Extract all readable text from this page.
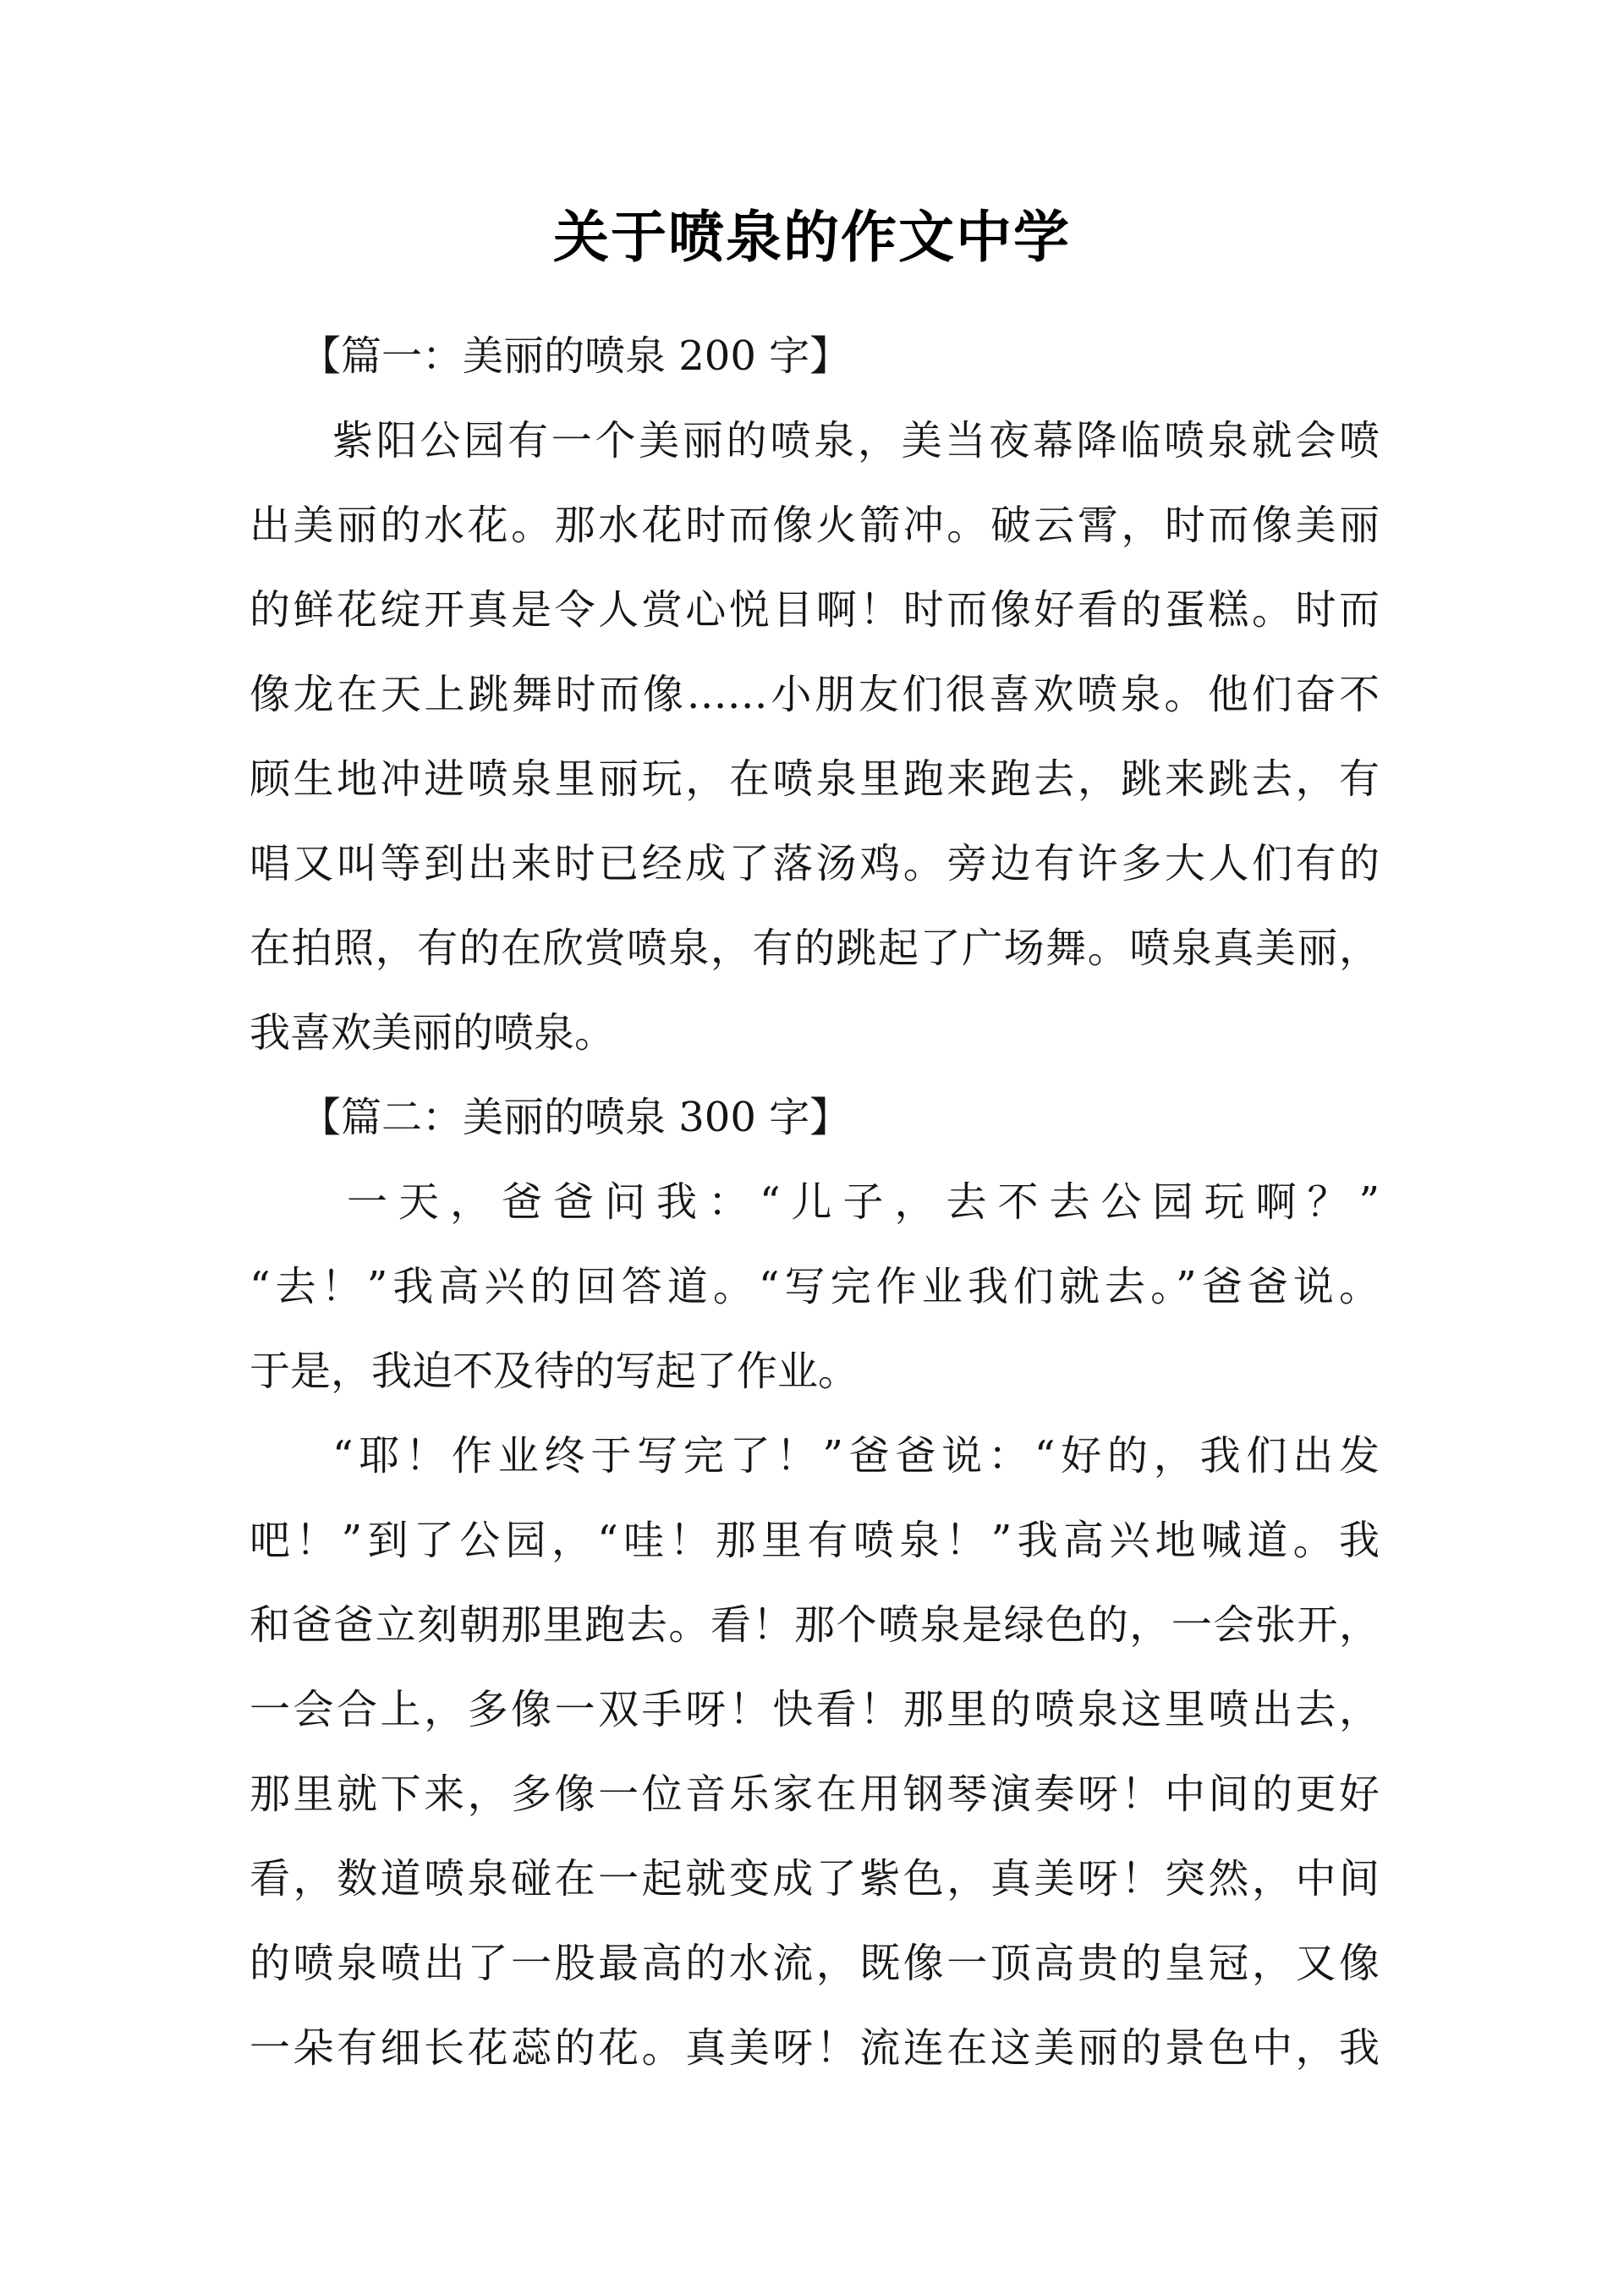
关于喷泉的作文中学
【篇一：美丽的喷泉 200 字】
紫阳公园有一个美丽的喷泉，美当夜幕降临喷泉就会喷
出美丽的水花。那水花时而像火箭冲。破云霄，时而像美丽
的鲜花绽开真是令人赏心悦目啊！时而像好看的蛋糕。时而
像龙在天上跳舞时而像……小朋友们很喜欢喷泉。他们奋不
顾生地冲进喷泉里丽玩，在喷泉里跑来跑去，跳来跳去，有
唱又叫等到出来时已经成了落汤鸡。旁边有许多大人们有的
在拍照，有的在欣赏喷泉，有的跳起了广场舞。喷泉真美丽，
我喜欢美丽的喷泉。
【篇二：美丽的喷泉 300 字】
一天，爸爸问我：“儿子，去不去公园玩啊？”
“去！”我高兴的回答道。“写完作业我们就去。”爸爸说。
于是，我迫不及待的写起了作业。
“耶！作业终于写完了！”爸爸说：“好的，我们出发
吧！”到了公园，“哇！那里有喷泉！”我高兴地喊道。我
和爸爸立刻朝那里跑去。看！那个喷泉是绿色的，一会张开，
一会合上，多像一双手呀！快看！那里的喷泉这里喷出去，
那里就下来，多像一位音乐家在用钢琴演奏呀！中间的更好
看，数道喷泉碰在一起就变成了紫色，真美呀！突然，中间
的喷泉喷出了一股最高的水流，既像一顶高贵的皇冠，又像
一朵有细长花蕊的花。真美呀！流连在这美丽的景色中，我
